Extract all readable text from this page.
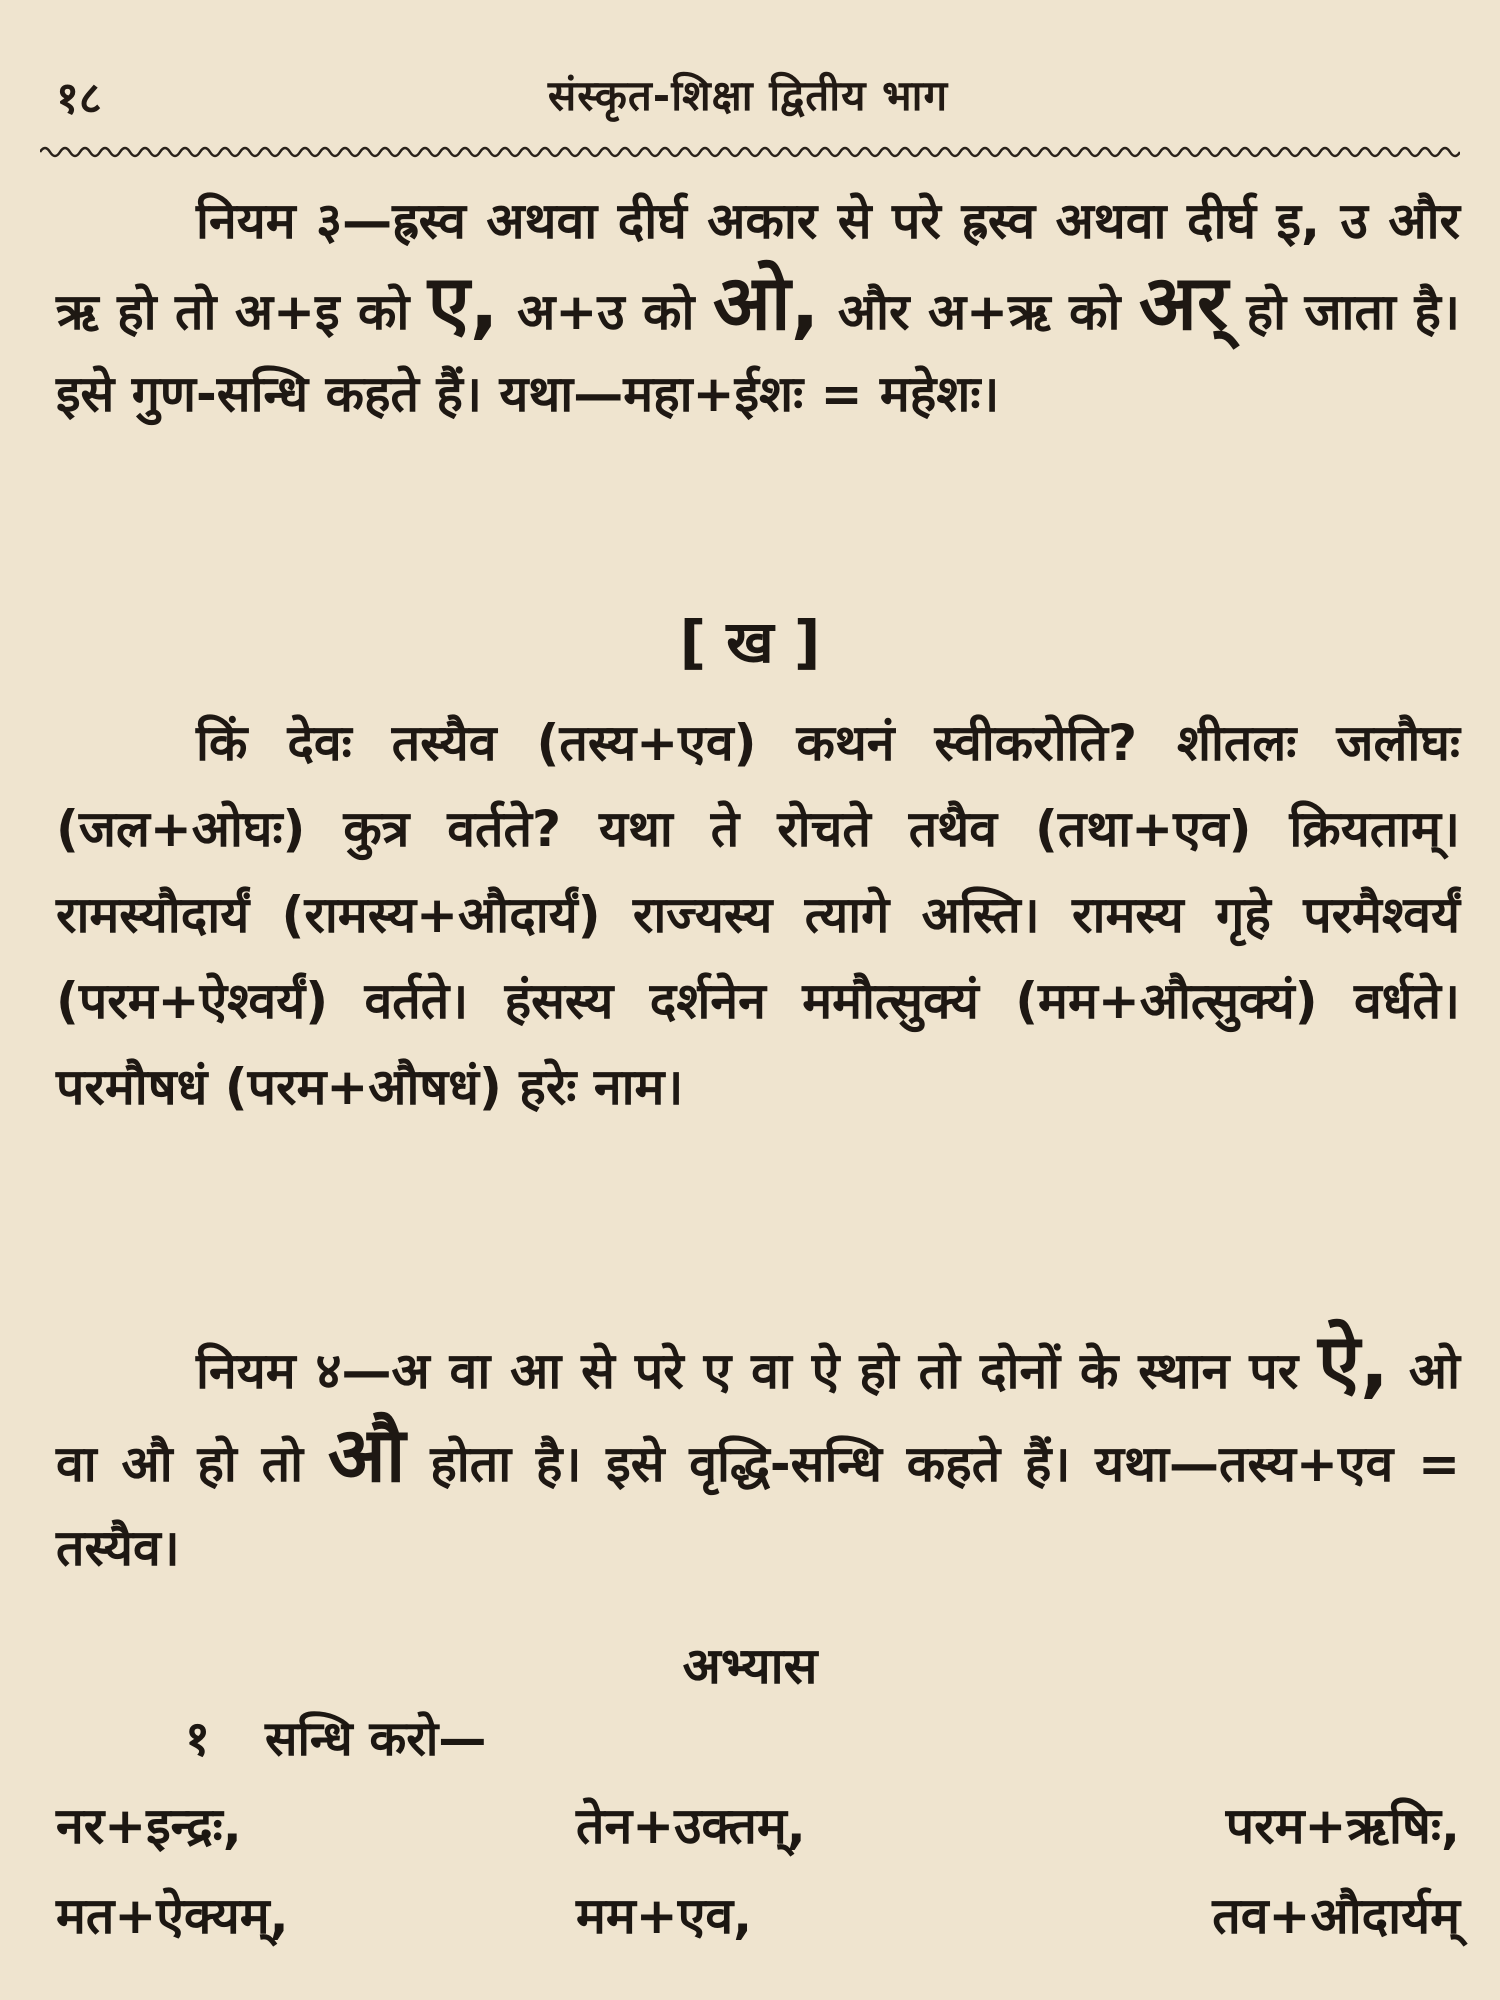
१८	संस्कृत-शिक्षा द्वितीय भाग

नियम ३—ह्रस्व अथवा दीर्घ अकार से परे ह्रस्व अथवा दीर्घ इ, उ और ऋ हो तो अ+इ को ए, अ+उ को ओ, और अ+ऋ को अर् हो जाता है। इसे गुण-सन्धि कहते हैं। यथा—महा+ईशः = महेशः।

[ ख ]

किं देवः तस्यैव (तस्य+एव) कथनं स्वीकरोति? शीतलः जलौघः (जल+ओघः) कुत्र वर्तते? यथा ते रोचते तथैव (तथा+एव) क्रियताम्। रामस्यौदार्यं (रामस्य+औदार्यं) राज्यस्य त्यागे अस्ति। रामस्य गृहे परमैश्वर्यं (परम+ऐश्वर्यं) वर्तते। हंसस्य दर्शनेन ममौत्सुक्यं (मम+औत्सुक्यं) वर्धते। परमौषधं (परम+औषधं) हरेः नाम।

नियम ४—अ वा आ से परे ए वा ऐ हो तो दोनों के स्थान पर ऐ, ओ वा औ हो तो औ होता है। इसे वृद्धि-सन्धि कहते हैं। यथा—तस्य+एव = तस्यैव।

अभ्यास
१ सन्धि करो—
नर+इन्द्रः,	तेन+उक्तम्,	परम+ऋषिः,
मत+ऐक्यम्,	मम+एव,	तव+औदार्यम्
